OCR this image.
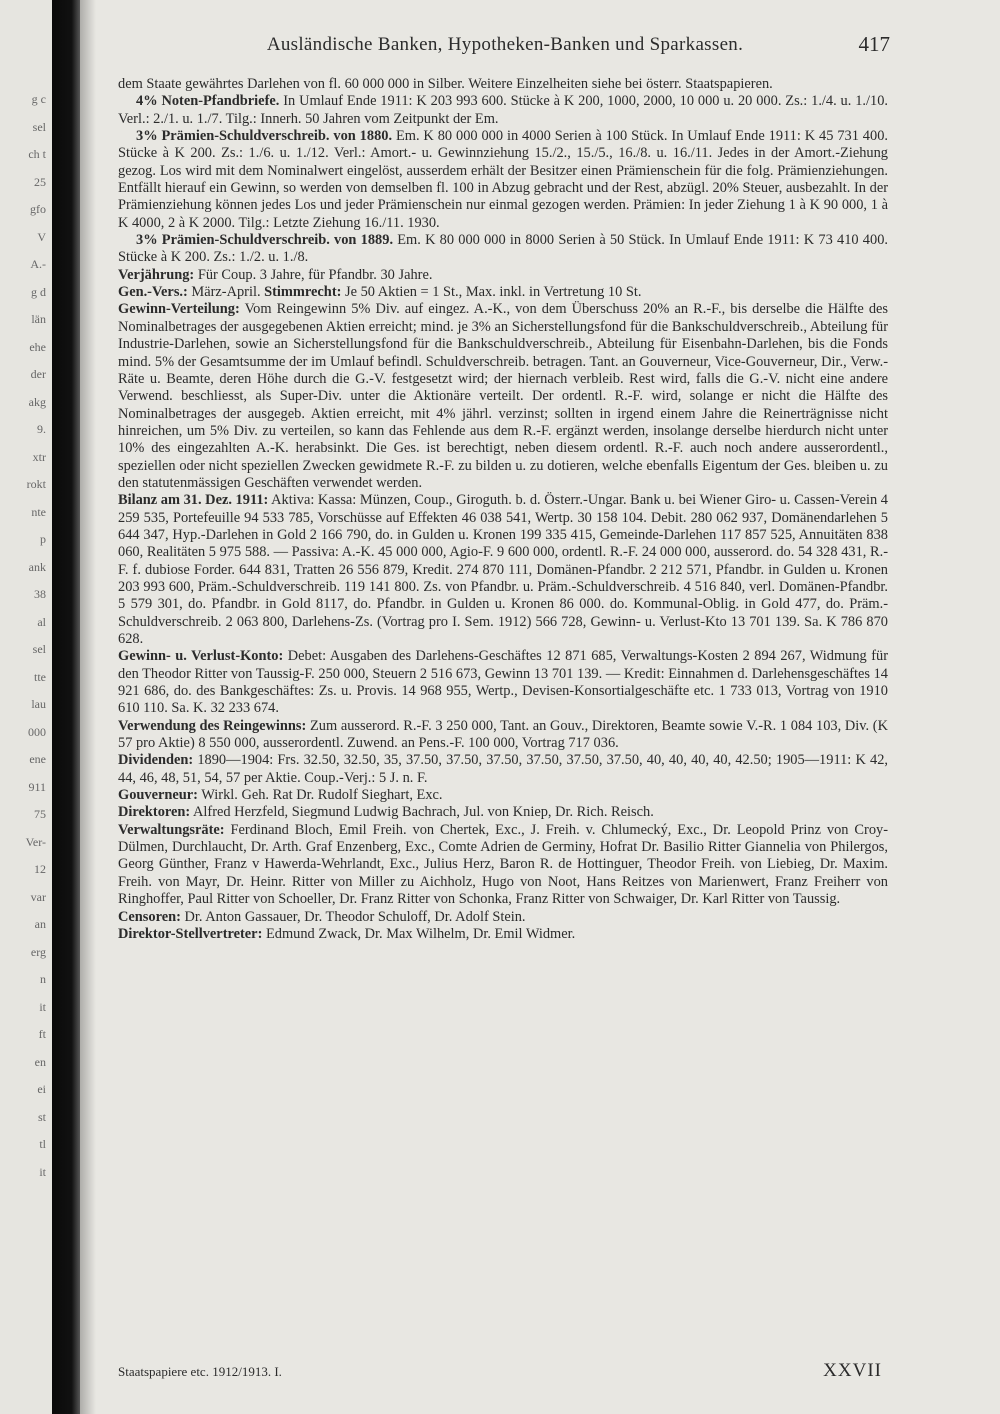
g c
sel
ch t
25
gfo
V
A.-
g d
län
ehe
der
akg
9.
xtr
rokt
nte
p
ank
38
al
sel
tte
lau
000
ene
911
75
Ver-
12
var
an
erg
n
it
ft
en
ei
st
tl
it
Ausländische Banken, Hypotheken-Banken und Sparkassen.	417

dem Staate gewährtes Darlehen von fl. 60 000 000 in Silber. Weitere Einzelheiten siehe bei österr. Staatspapieren.

4% Noten-Pfandbriefe. In Umlauf Ende 1911: K 203 993 600. Stücke à K 200, 1000, 2000, 10 000 u. 20 000. Zs.: 1./4. u. 1./10. Verl.: 2./1. u. 1./7. Tilg.: Innerh. 50 Jahren vom Zeitpunkt der Em.

3% Prämien-Schuldverschreib. von 1880. Em. K 80 000 000 in 4000 Serien à 100 Stück. In Umlauf Ende 1911: K 45 731 400. Stücke à K 200. Zs.: 1./6. u. 1./12. Verl.: Amort.- u. Gewinnziehung 15./2., 15./5., 16./8. u. 16./11. Jedes in der Amort.-Ziehung gezog. Los wird mit dem Nominalwert eingelöst, ausserdem erhält der Besitzer einen Prämienschein für die folg. Prämienziehungen. Entfällt hierauf ein Gewinn, so werden von demselben fl. 100 in Abzug gebracht und der Rest, abzügl. 20% Steuer, ausbezahlt. In der Prämienziehung können jedes Los und jeder Prämienschein nur einmal gezogen werden. Prämien: In jeder Ziehung 1 à K 90 000, 1 à K 4000, 2 à K 2000. Tilg.: Letzte Ziehung 16./11. 1930.

3% Prämien-Schuldverschreib. von 1889. Em. K 80 000 000 in 8000 Serien à 50 Stück. In Umlauf Ende 1911: K 73 410 400. Stücke à K 200. Zs.: 1./2. u. 1./8.

Verjährung: Für Coup. 3 Jahre, für Pfandbr. 30 Jahre.

Gen.-Vers.: März-April. Stimmrecht: Je 50 Aktien = 1 St., Max. inkl. in Vertretung 10 St.

Gewinn-Verteilung: Vom Reingewinn 5% Div. auf eingez. A.-K., von dem Überschuss 20% an R.-F., bis derselbe die Hälfte des Nominalbetrages der ausgegebenen Aktien erreicht; mind. je 3% an Sicherstellungsfond für die Bankschuldverschreib., Abteilung für Industrie-Darlehen, sowie an Sicherstellungsfond für die Bankschuldverschreib., Abteilung für Eisenbahn-Darlehen, bis die Fonds mind. 5% der Gesamtsumme der im Umlauf befindl. Schuldverschreib. betragen. Tant. an Gouverneur, Vice-Gouverneur, Dir., Verw.-Räte u. Beamte, deren Höhe durch die G.-V. festgesetzt wird; der hiernach verbleib. Rest wird, falls die G.-V. nicht eine andere Verwend. beschliesst, als Super-Div. unter die Aktionäre verteilt. Der ordentl. R.-F. wird, solange er nicht die Hälfte des Nominalbetrages der ausgegeb. Aktien erreicht, mit 4% jährl. verzinst; sollten in irgend einem Jahre die Reinerträgnisse nicht hinreichen, um 5% Div. zu verteilen, so kann das Fehlende aus dem R.-F. ergänzt werden, insolange derselbe hierdurch nicht unter 10% des eingezahlten A.-K. herabsinkt. Die Ges. ist berechtigt, neben diesem ordentl. R.-F. auch noch andere ausserordentl., speziellen oder nicht speziellen Zwecken gewidmete R.-F. zu bilden u. zu dotieren, welche ebenfalls Eigentum der Ges. bleiben u. zu den statutenmässigen Geschäften verwendet werden.

Bilanz am 31. Dez. 1911: Aktiva: Kassa: Münzen, Coup., Giroguth. b. d. Österr.-Ungar. Bank u. bei Wiener Giro- u. Cassen-Verein 4 259 535, Portefeuille 94 533 785, Vorschüsse auf Effekten 46 038 541, Wertp. 30 158 104. Debit. 280 062 937, Domänendarlehen 5 644 347, Hyp.-Darlehen in Gold 2 166 790, do. in Gulden u. Kronen 199 335 415, Gemeinde-Darlehen 117 857 525, Annuitäten 838 060, Realitäten 5 975 588. — Passiva: A.-K. 45 000 000, Agio-F. 9 600 000, ordentl. R.-F. 24 000 000, ausserord. do. 54 328 431, R.-F. f. dubiose Forder. 644 831, Tratten 26 556 879, Kredit. 274 870 111, Domänen-Pfandbr. 2 212 571, Pfandbr. in Gulden u. Kronen 203 993 600, Präm.-Schuldverschreib. 119 141 800. Zs. von Pfandbr. u. Präm.-Schuldverschreib. 4 516 840, verl. Domänen-Pfandbr. 5 579 301, do. Pfandbr. in Gold 8117, do. Pfandbr. in Gulden u. Kronen 86 000. do. Kommunal-Oblig. in Gold 477, do. Präm.-Schuldverschreib. 2 063 800, Darlehens-Zs. (Vortrag pro I. Sem. 1912) 566 728, Gewinn- u. Verlust-Kto 13 701 139. Sa. K 786 870 628.

Gewinn- u. Verlust-Konto: Debet: Ausgaben des Darlehens-Geschäftes 12 871 685, Verwaltungs-Kosten 2 894 267, Widmung für den Theodor Ritter von Taussig-F. 250 000, Steuern 2 516 673, Gewinn 13 701 139. — Kredit: Einnahmen d. Darlehensgeschäftes 14 921 686, do. des Bankgeschäftes: Zs. u. Provis. 14 968 955, Wertp., Devisen-Konsortialgeschäfte etc. 1 733 013, Vortrag von 1910 610 110. Sa. K. 32 233 674.

Verwendung des Reingewinns: Zum ausserord. R.-F. 3 250 000, Tant. an Gouv., Direktoren, Beamte sowie V.-R. 1 084 103, Div. (K 57 pro Aktie) 8 550 000, ausserordentl. Zuwend. an Pens.-F. 100 000, Vortrag 717 036.

Dividenden: 1890—1904: Frs. 32.50, 32.50, 35, 37.50, 37.50, 37.50, 37.50, 37.50, 37.50, 40, 40, 40, 40, 42.50; 1905—1911: K 42, 44, 46, 48, 51, 54, 57 per Aktie. Coup.-Verj.: 5 J. n. F.

Gouverneur: Wirkl. Geh. Rat Dr. Rudolf Sieghart, Exc.

Direktoren: Alfred Herzfeld, Siegmund Ludwig Bachrach, Jul. von Kniep, Dr. Rich. Reisch.

Verwaltungsräte: Ferdinand Bloch, Emil Freih. von Chertek, Exc., J. Freih. v. Chlumecký, Exc., Dr. Leopold Prinz von Croy-Dülmen, Durchlaucht, Dr. Arth. Graf Enzenberg, Exc., Comte Adrien de Germiny, Hofrat Dr. Basilio Ritter Giannelia von Philergos, Georg Günther, Franz v Hawerda-Wehrlandt, Exc., Julius Herz, Baron R. de Hottinguer, Theodor Freih. von Liebieg, Dr. Maxim. Freih. von Mayr, Dr. Heinr. Ritter von Miller zu Aichholz, Hugo von Noot, Hans Reitzes von Marienwert, Franz Freiherr von Ringhoffer, Paul Ritter von Schoeller, Dr. Franz Ritter von Schonka, Franz Ritter von Schwaiger, Dr. Karl Ritter von Taussig.

Censoren: Dr. Anton Gassauer, Dr. Theodor Schuloff, Dr. Adolf Stein.

Direktor-Stellvertreter: Edmund Zwack, Dr. Max Wilhelm, Dr. Emil Widmer.

Staatspapiere etc. 1912/1913. I.	XXVII
